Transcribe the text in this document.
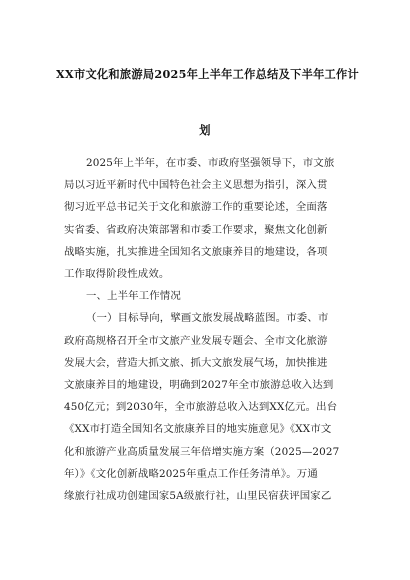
XX市文化和旅游局2025年上半年工作总结及下半年工作计
划
2025年上半年，在市委、市政府坚强领导下，市文旅
局以习近平新时代中国特色社会主义思想为指引，深入贯
彻习近平总书记关于文化和旅游工作的重要论述，全面落
实省委、省政府决策部署和市委工作要求，聚焦文化创新
战略实施，扎实推进全国知名文旅康养目的地建设，各项
工作取得阶段性成效。
一、上半年工作情况
（一）目标导向，擘画文旅发展战略蓝图。市委、市
政府高规格召开全市文旅产业发展专题会、全市文化旅游
发展大会，营造大抓文旅、抓大文旅发展气场，加快推进
文旅康养目的地建设，明确到2027年全市旅游总收入达到
450亿元；到2030年，全市旅游总收入达到XX亿元。出台
《XX市打造全国知名文旅康养目的地实施意见》《XX市文
化和旅游产业高质量发展三年倍增实施方案（2025—2027
年）》《文化创新战略2025年重点工作任务清单》。万通
缘旅行社成功创建国家5A级旅行社，山里民宿获评国家乙
